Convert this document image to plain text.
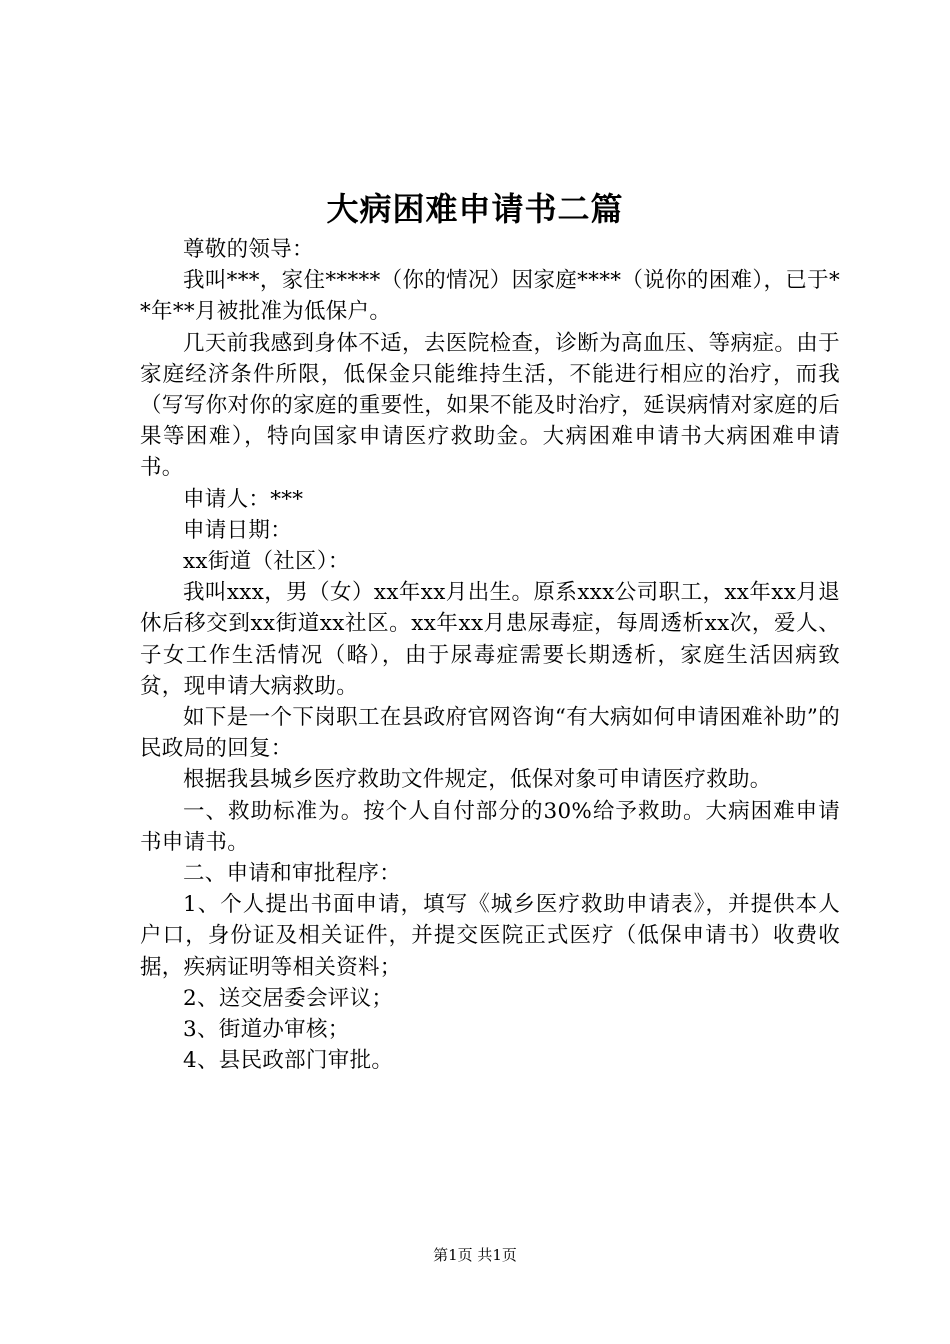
大病困难申请书二篇

尊敬的领导：

我叫***，家住*****（你的情况）因家庭****（说你的困难），已于**年**月被批准为低保户。

几天前我感到身体不适，去医院检查，诊断为高血压、等病症。由于家庭经济条件所限，低保金只能维持生活，不能进行相应的治疗，而我（写写你对你的家庭的重要性，如果不能及时治疗，延误病情对家庭的后果等困难），特向国家申请医疗救助金。大病困难申请书大病困难申请书。

申请人：***

申请日期：

xx街道（社区）：

我叫xxx，男（女）xx年xx月出生。原系xxx公司职工，xx年xx月退休后移交到xx街道xx社区。xx年xx月患尿毒症，每周透析xx次，爱人、子女工作生活情况（略），由于尿毒症需要长期透析，家庭生活因病致贫，现申请大病救助。

如下是一个下岗职工在县政府官网咨询“有大病如何申请困难补助”的民政局的回复：

根据我县城乡医疗救助文件规定，低保对象可申请医疗救助。

一、救助标准为。按个人自付部分的30%给予救助。大病困难申请书申请书。

二、申请和审批程序：

1、个人提出书面申请，填写《城乡医疗救助申请表》，并提供本人户口，身份证及相关证件，并提交医院正式医疗（低保申请书）收费收据，疾病证明等相关资料；

2、送交居委会评议；

3、街道办审核；

4、县民政部门审批。

第1页 共1页
